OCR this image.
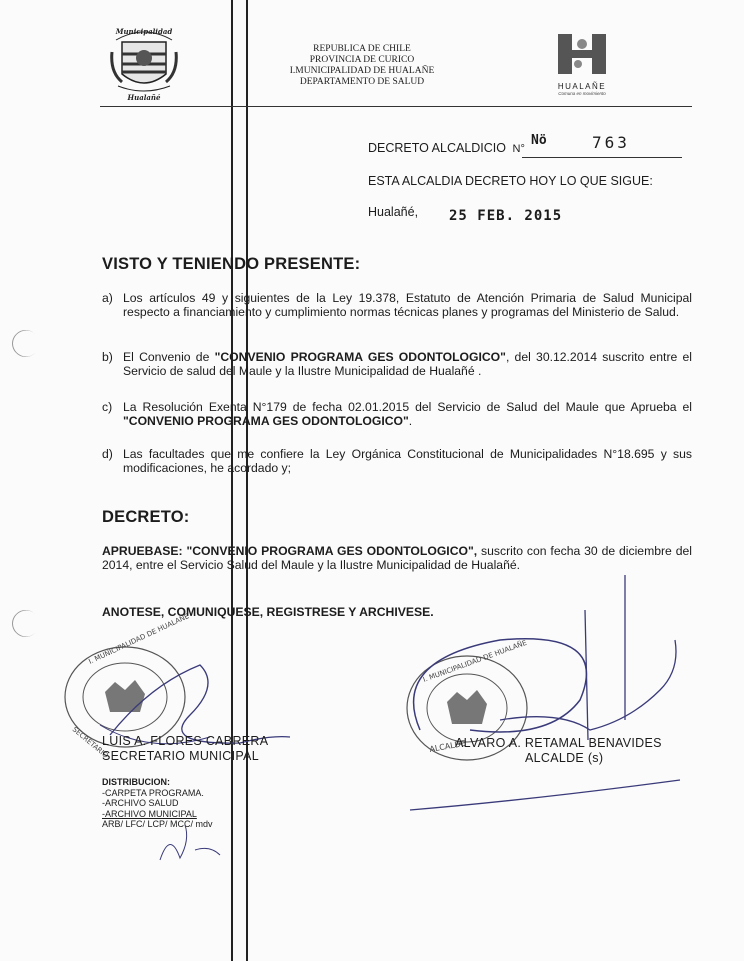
Municipalidad
Hualañé
REPUBLICA DE CHILE
PROVINCIA DE CURICO
I.MUNICIPALIDAD DE HUALAÑE
DEPARTAMENTO DE SALUD	HUALAÑE
Comuna en movimiento
DECRETO ALCALDICIO N°
Nö	763
ESTA ALCALDIA DECRETO HOY LO QUE SIGUE:
Hualañé, 25 FEB. 2015
VISTO Y TENIENDO PRESENTE:
a) Los artículos 49 y siguientes de la Ley 19.378, Estatuto de Atención Primaria de Salud Municipal respecto a financiamiento y cumplimiento normas técnicas planes y programas del Ministerio de Salud.
b) El Convenio de "CONVENIO PROGRAMA GES ODONTOLOGICO", del 30.12.2014 suscrito entre el Servicio de salud del Maule y la Ilustre Municipalidad de Hualañé .
c) La Resolución Exenta N°179 de fecha 02.01.2015 del Servicio de Salud del Maule que Aprueba el "CONVENIO PROGRAMA GES ODONTOLOGICO".
d) Las facultades que me confiere la Ley Orgánica Constitucional de Municipalidades N°18.695 y sus modificaciones, he acordado y;
DECRETO:
APRUEBASE: "CONVENIO PROGRAMA GES ODONTOLOGICO", suscrito con fecha 30 de diciembre del 2014, entre el Servicio Salud del Maule y la Ilustre Municipalidad de Hualañé.
ANOTESE, COMUNIQUESE, REGISTRESE Y ARCHIVESE.
I. MUNICIPALIDAD DE HUALAÑE
SECRETARIO
LUIS A. FLORES CABRERA
SECRETARIO MUNICIPAL
I. MUNICIPALIDAD DE HUALAÑE
ALCALDE
ALVARO A. RETAMAL BENAVIDES
ALCALDE (s)
DISTRIBUCION:
-CARPETA PROGRAMA.
-ARCHIVO SALUD
-ARCHIVO MUNICIPAL
ARB/ LFC/ LCP/ MCC/ mdv
